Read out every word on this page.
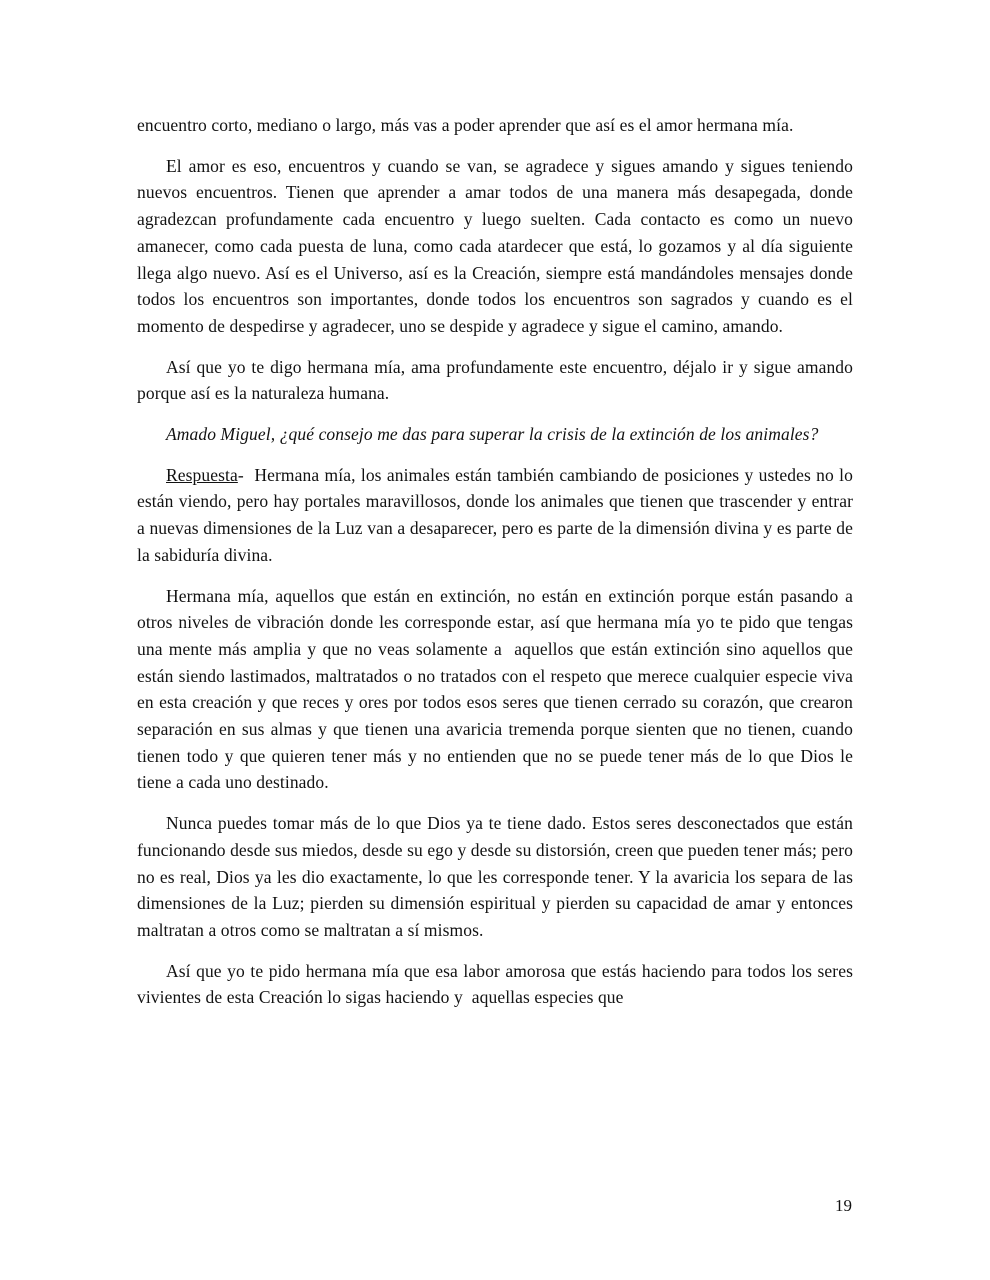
encuentro corto, mediano o largo, más vas a poder aprender que así es el amor hermana mía.

El amor es eso, encuentros y cuando se van, se agradece y sigues amando y sigues teniendo nuevos encuentros. Tienen que aprender a amar todos de una manera más desapegada, donde agradezcan profundamente cada encuentro y luego suelten. Cada contacto es como un nuevo amanecer, como cada puesta de luna, como cada atardecer que está, lo gozamos y al día siguiente llega algo nuevo. Así es el Universo, así es la Creación, siempre está mandándoles mensajes donde todos los encuentros son importantes, donde todos los encuentros son sagrados y cuando es el momento de despedirse y agradecer, uno se despide y agradece y sigue el camino, amando.

Así que yo te digo hermana mía, ama profundamente este encuentro, déjalo ir y sigue amando porque así es la naturaleza humana.

Amado Miguel, ¿qué consejo me das para superar la crisis de la extinción de los animales?

Respuesta-  Hermana mía, los animales están también cambiando de posiciones y ustedes no lo están viendo, pero hay portales maravillosos, donde los animales que tienen que trascender y entrar a nuevas dimensiones de la Luz van a desaparecer, pero es parte de la dimensión divina y es parte de la sabiduría divina.

Hermana mía, aquellos que están en extinción, no están en extinción porque están pasando a otros niveles de vibración donde les corresponde estar, así que hermana mía yo te pido que tengas una mente más amplia y que no veas solamente a  aquellos que están extinción sino aquellos que están siendo lastimados, maltratados o no tratados con el respeto que merece cualquier especie viva en esta creación y que reces y ores por todos esos seres que tienen cerrado su corazón, que crearon separación en sus almas y que tienen una avaricia tremenda porque sienten que no tienen, cuando tienen todo y que quieren tener más y no entienden que no se puede tener más de lo que Dios le tiene a cada uno destinado.

Nunca puedes tomar más de lo que Dios ya te tiene dado. Estos seres desconectados que están funcionando desde sus miedos, desde su ego y desde su distorsión, creen que pueden tener más; pero no es real, Dios ya les dio exactamente, lo que les corresponde tener. Y la avaricia los separa de las dimensiones de la Luz; pierden su dimensión espiritual y pierden su capacidad de amar y entonces maltratan a otros como se maltratan a sí mismos.

Así que yo te pido hermana mía que esa labor amorosa que estás haciendo para todos los seres vivientes de esta Creación lo sigas haciendo y  aquellas especies que

19
